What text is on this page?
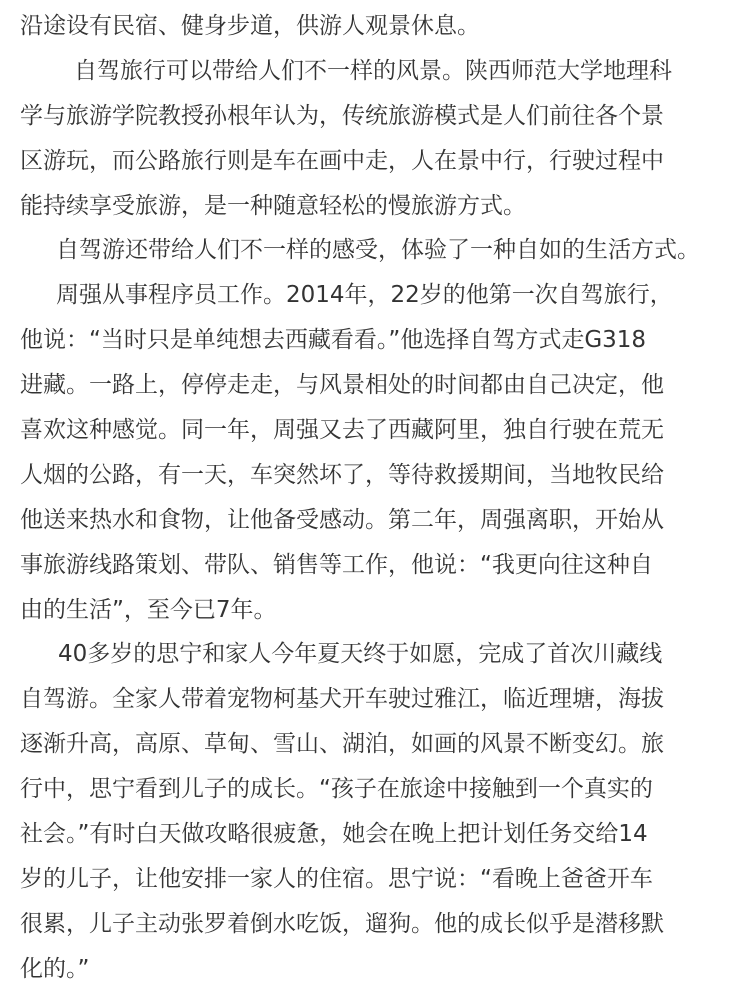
沿途设有民宿、健身步道，供游人观景休息。
自驾旅行可以带给人们不一样的风景。陕西师范大学地理科
学与旅游学院教授孙根年认为，传统旅游模式是人们前往各个景
区游玩，而公路旅行则是车在画中走，人在景中行，行驶过程中
能持续享受旅游，是一种随意轻松的慢旅游方式。
自驾游还带给人们不一样的感受，体验了一种自如的生活方式。
周强从事程序员工作。2014年，22岁的他第一次自驾旅行，
他说：“当时只是单纯想去西藏看看。”他选择自驾方式走G318
进藏。一路上，停停走走，与风景相处的时间都由自己决定，他
喜欢这种感觉。同一年，周强又去了西藏阿里，独自行驶在荒无
人烟的公路，有一天，车突然坏了，等待救援期间，当地牧民给
他送来热水和食物，让他备受感动。第二年，周强离职，开始从
事旅游线路策划、带队、销售等工作，他说：“我更向往这种自
由的生活”，至今已7年。
40多岁的思宁和家人今年夏天终于如愿，完成了首次川藏线
自驾游。全家人带着宠物柯基犬开车驶过雅江，临近理塘，海拔
逐渐升高，高原、草甸、雪山、湖泊，如画的风景不断变幻。旅
行中，思宁看到儿子的成长。“孩子在旅途中接触到一个真实的
社会。”有时白天做攻略很疲惫，她会在晚上把计划任务交给14
岁的儿子，让他安排一家人的住宿。思宁说：“看晚上爸爸开车
很累，儿子主动张罗着倒水吃饭，遛狗。他的成长似乎是潜移默
化的。”
